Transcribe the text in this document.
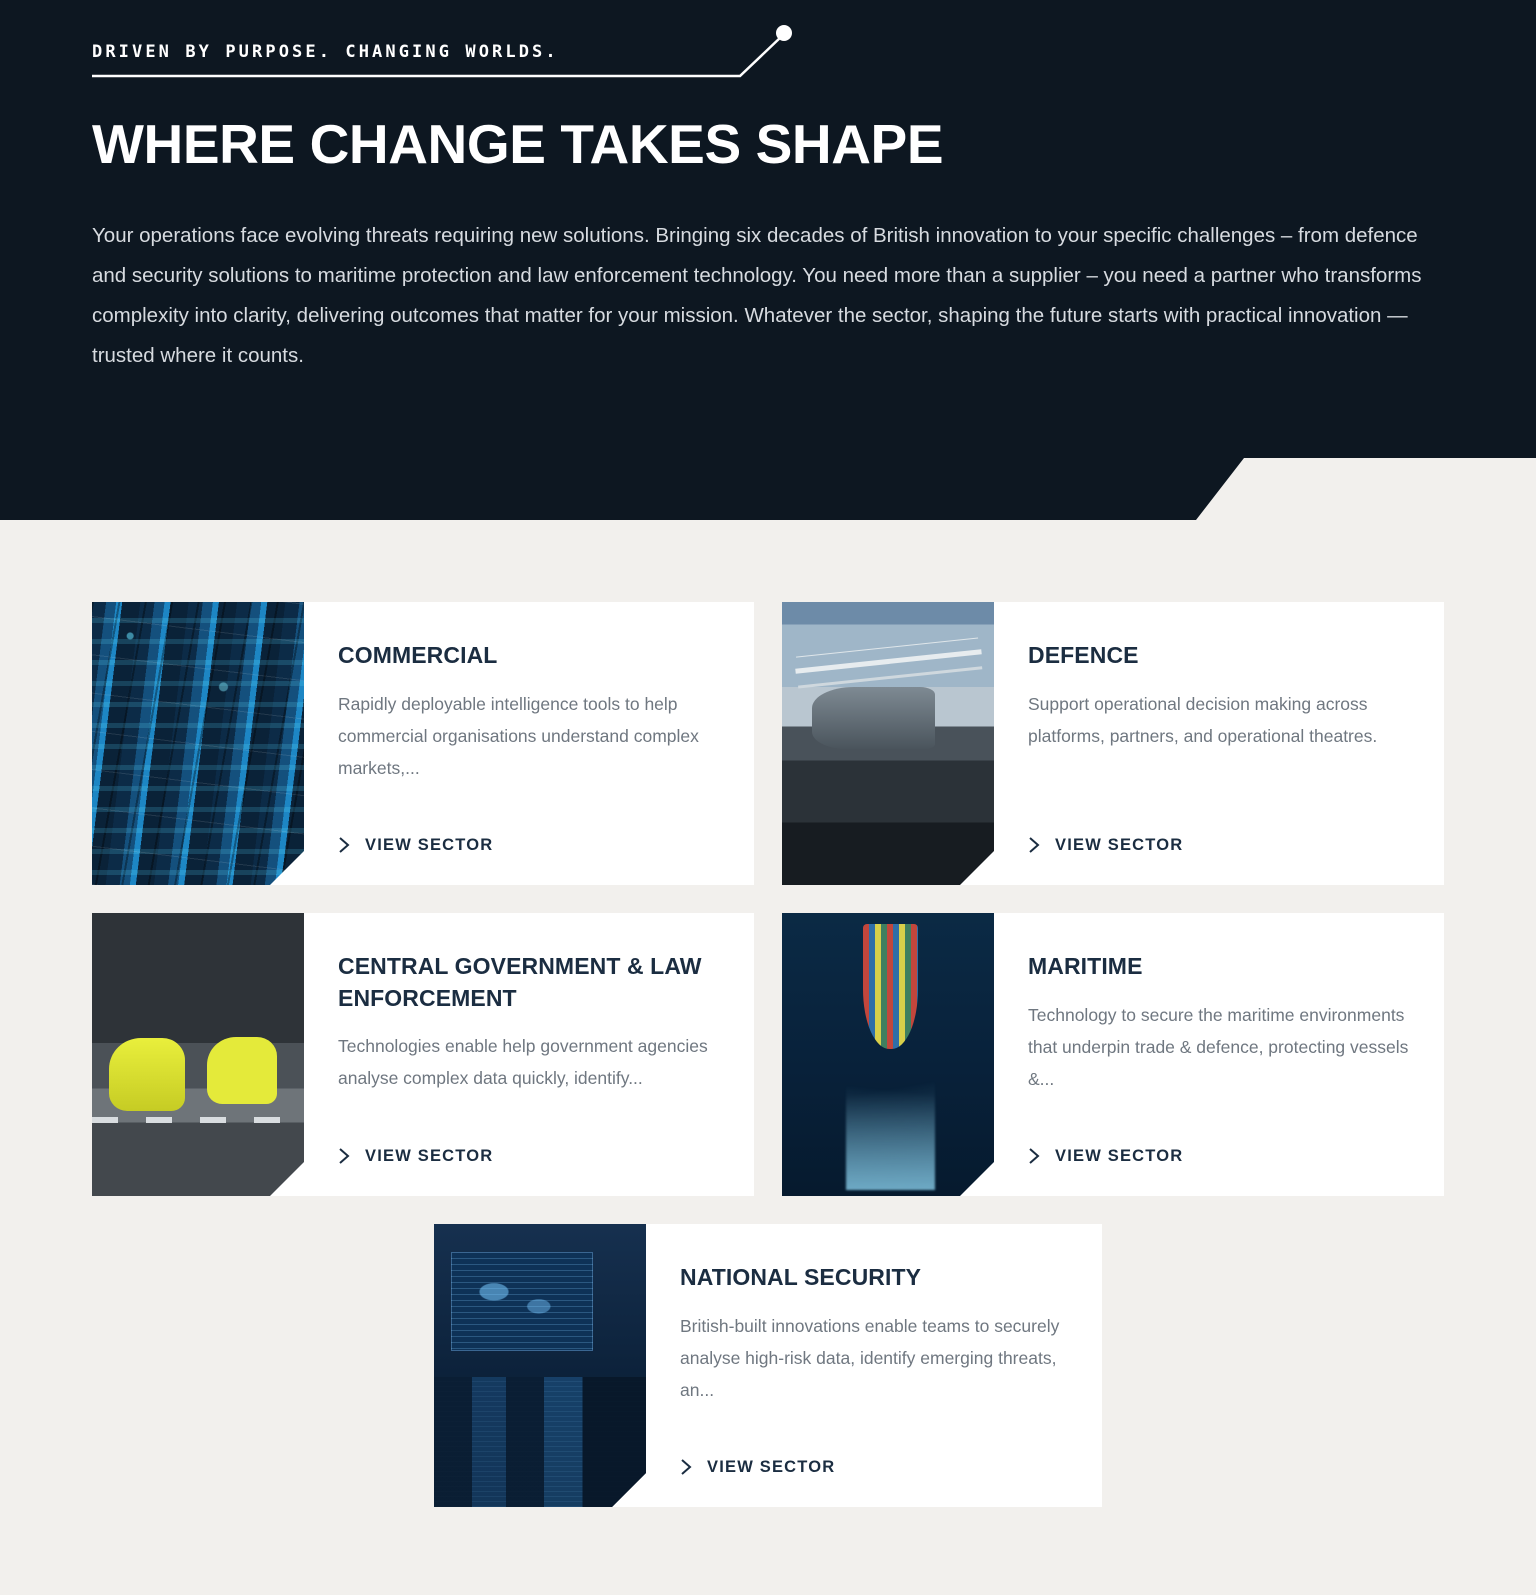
DRIVEN BY PURPOSE. CHANGING WORLDS.
WHERE CHANGE TAKES SHAPE

Your operations face evolving threats requiring new solutions. Bringing six decades of British innovation to your specific challenges – from defence and security solutions to maritime protection and law enforcement technology. You need more than a supplier – you need a partner who transforms complexity into clarity, delivering outcomes that matter for your mission. Whatever the sector, shaping the future starts with practical innovation — trusted where it counts.

COMMERCIAL

Rapidly deployable intelligence tools to help commercial organisations understand complex markets,...

VIEW SECTOR
DEFENCE

Support operational decision making across platforms, partners, and operational theatres.

VIEW SECTOR
CENTRAL GOVERNMENT & LAW ENFORCEMENT

Technologies enable help government agencies analyse complex data quickly, identify...

VIEW SECTOR
MARITIME

Technology to secure the maritime environments that underpin trade & defence, protecting vessels &...

VIEW SECTOR
NATIONAL SECURITY

British-built innovations enable teams to securely analyse high-risk data, identify emerging threats, an...

VIEW SECTOR
